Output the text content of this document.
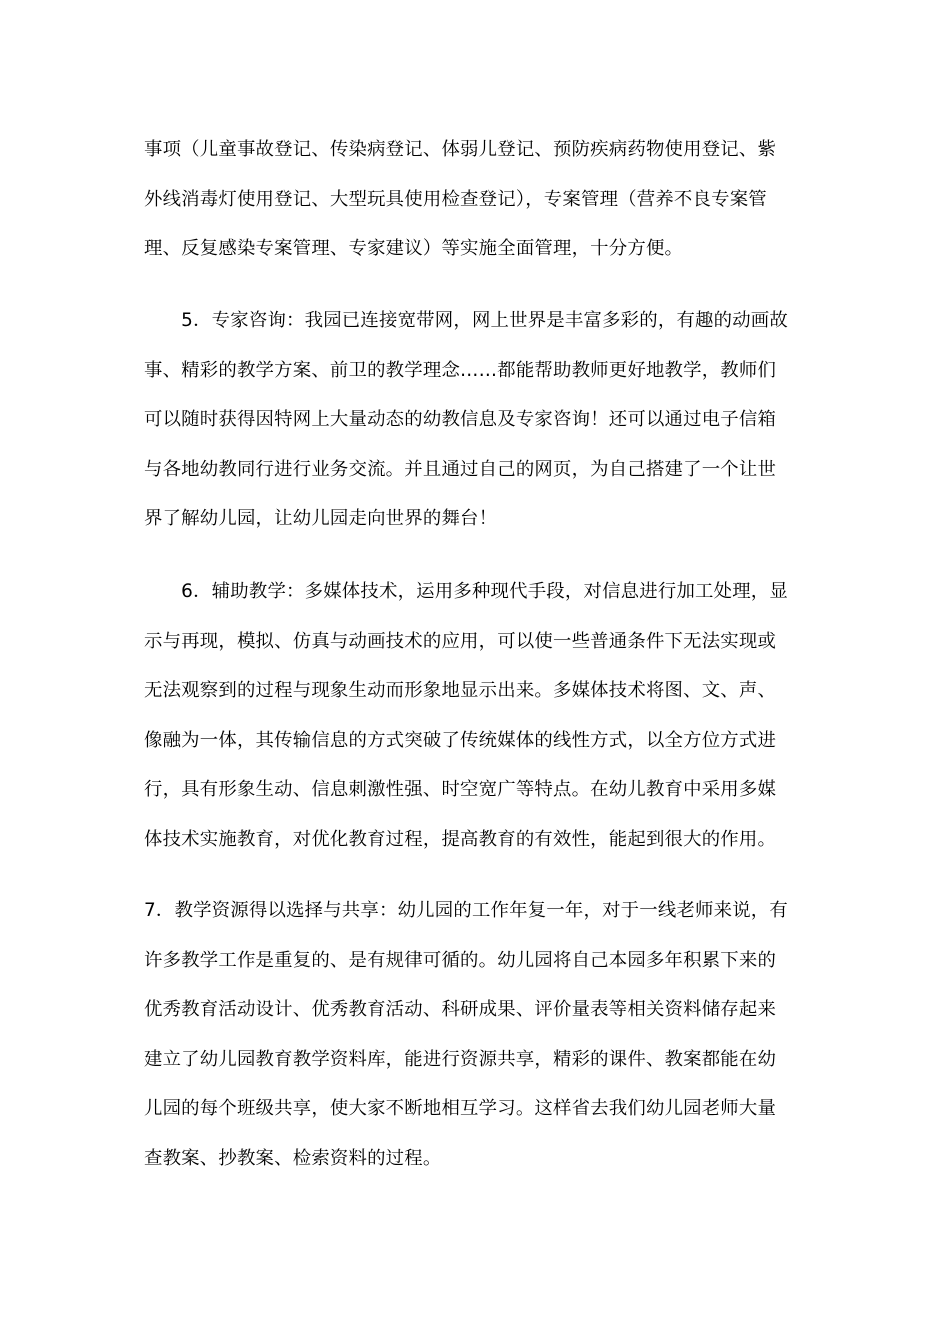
事项（儿童事故登记、传染病登记、体弱儿登记、预防疾病药物使用登记、紫
外线消毒灯使用登记、大型玩具使用检查登记），专案管理（营养不良专案管
理、反复感染专案管理、专家建议）等实施全面管理，十分方便。

　　5．专家咨询：我园已连接宽带网，网上世界是丰富多彩的，有趣的动画故
事、精彩的教学方案、前卫的教学理念……都能帮助教师更好地教学，教师们
可以随时获得因特网上大量动态的幼教信息及专家咨询！还可以通过电子信箱
与各地幼教同行进行业务交流。并且通过自己的网页，为自己搭建了一个让世
界了解幼儿园，让幼儿园走向世界的舞台！

　　6．辅助教学：多媒体技术，运用多种现代手段，对信息进行加工处理，显
示与再现，模拟、仿真与动画技术的应用，可以使一些普通条件下无法实现或
无法观察到的过程与现象生动而形象地显示出来。多媒体技术将图、文、声、
像融为一体，其传输信息的方式突破了传统媒体的线性方式，以全方位方式进
行，具有形象生动、信息刺激性强、时空宽广等特点。在幼儿教育中采用多媒
体技术实施教育，对优化教育过程，提高教育的有效性，能起到很大的作用。

7．教学资源得以选择与共享：幼儿园的工作年复一年，对于一线老师来说，有
许多教学工作是重复的、是有规律可循的。幼儿园将自己本园多年积累下来的
优秀教育活动设计、优秀教育活动、科研成果、评价量表等相关资料储存起来
建立了幼儿园教育教学资料库，能进行资源共享，精彩的课件、教案都能在幼
儿园的每个班级共享，使大家不断地相互学习。这样省去我们幼儿园老师大量
查教案、抄教案、检索资料的过程。
